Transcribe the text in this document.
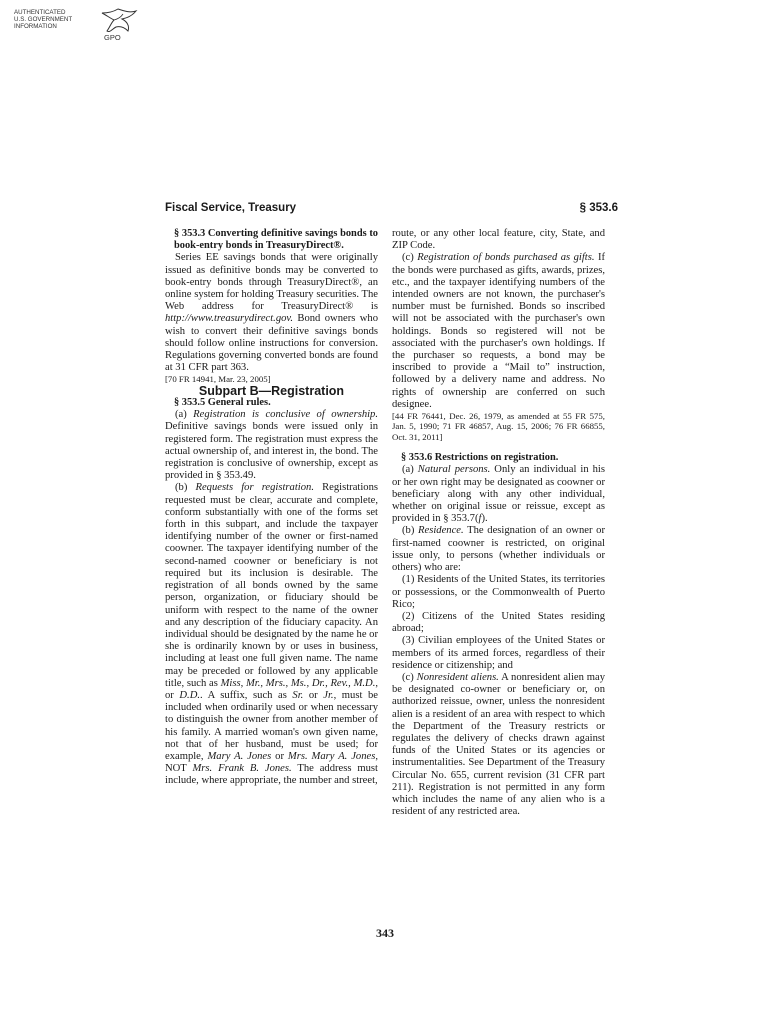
AUTHENTICATED
U.S. GOVERNMENT
INFORMATION
GPO
Fiscal Service, Treasury	§ 353.6

§ 353.3 Converting definitive savings bonds to book-entry bonds in TreasuryDirect®.

Series EE savings bonds that were originally issued as definitive bonds may be converted to book-entry bonds through TreasuryDirect®, an online system for holding Treasury securities. The Web address for TreasuryDirect® is http://www.treasurydirect.gov. Bond owners who wish to convert their definitive savings bonds should follow online instructions for conversion. Regulations governing converted bonds are found at 31 CFR part 363.

[70 FR 14941, Mar. 23, 2005]

Subpart B—Registration

§ 353.5 General rules.

(a) Registration is conclusive of ownership. Definitive savings bonds were issued only in registered form. The registration must express the actual ownership of, and interest in, the bond. The registration is conclusive of ownership, except as provided in § 353.49.

(b) Requests for registration. Registrations requested must be clear, accurate and complete, conform substantially with one of the forms set forth in this subpart, and include the taxpayer identifying number of the owner or first-named coowner. The taxpayer identifying number of the second-named coowner or beneficiary is not required but its inclusion is desirable. The registration of all bonds owned by the same person, organization, or fiduciary should be uniform with respect to the name of the owner and any description of the fiduciary capacity. An individual should be designated by the name he or she is ordinarily known by or uses in business, including at least one full given name. The name may be preceded or followed by any applicable title, such as Miss, Mr., Mrs., Ms., Dr., Rev., M.D., or D.D.. A suffix, such as Sr. or Jr., must be included when ordinarily used or when necessary to distinguish the owner from another member of his family. A married woman's own given name, not that of her husband, must be used; for example, Mary A. Jones or Mrs. Mary A. Jones, NOT Mrs. Frank B. Jones. The address must include, where appropriate, the number and street,

route, or any other local feature, city, State, and ZIP Code.

(c) Registration of bonds purchased as gifts. If the bonds were purchased as gifts, awards, prizes, etc., and the taxpayer identifying numbers of the intended owners are not known, the purchaser's number must be furnished. Bonds so inscribed will not be associated with the purchaser's own holdings. Bonds so registered will not be associated with the purchaser's own holdings. If the purchaser so requests, a bond may be inscribed to provide a “Mail to” instruction, followed by a delivery name and address. No rights of ownership are conferred on such designee.

[44 FR 76441, Dec. 26, 1979, as amended at 55 FR 575, Jan. 5, 1990; 71 FR 46857, Aug. 15, 2006; 76 FR 66855, Oct. 31, 2011]

§ 353.6 Restrictions on registration.

(a) Natural persons. Only an individual in his or her own right may be designated as coowner or beneficiary along with any other individual, whether on original issue or reissue, except as provided in § 353.7(f).

(b) Residence. The designation of an owner or first-named coowner is restricted, on original issue only, to persons (whether individuals or others) who are:

(1) Residents of the United States, its territories or possessions, or the Commonwealth of Puerto Rico;

(2) Citizens of the United States residing abroad;

(3) Civilian employees of the United States or members of its armed forces, regardless of their residence or citizenship; and

(c) Nonresident aliens. A nonresident alien may be designated co-owner or beneficiary or, on authorized reissue, owner, unless the nonresident alien is a resident of an area with respect to which the Department of the Treasury restricts or regulates the delivery of checks drawn against funds of the United States or its agencies or instrumentalities. See Department of the Treasury Circular No. 655, current revision (31 CFR part 211). Registration is not permitted in any form which includes the name of any alien who is a resident of any restricted area.

343
